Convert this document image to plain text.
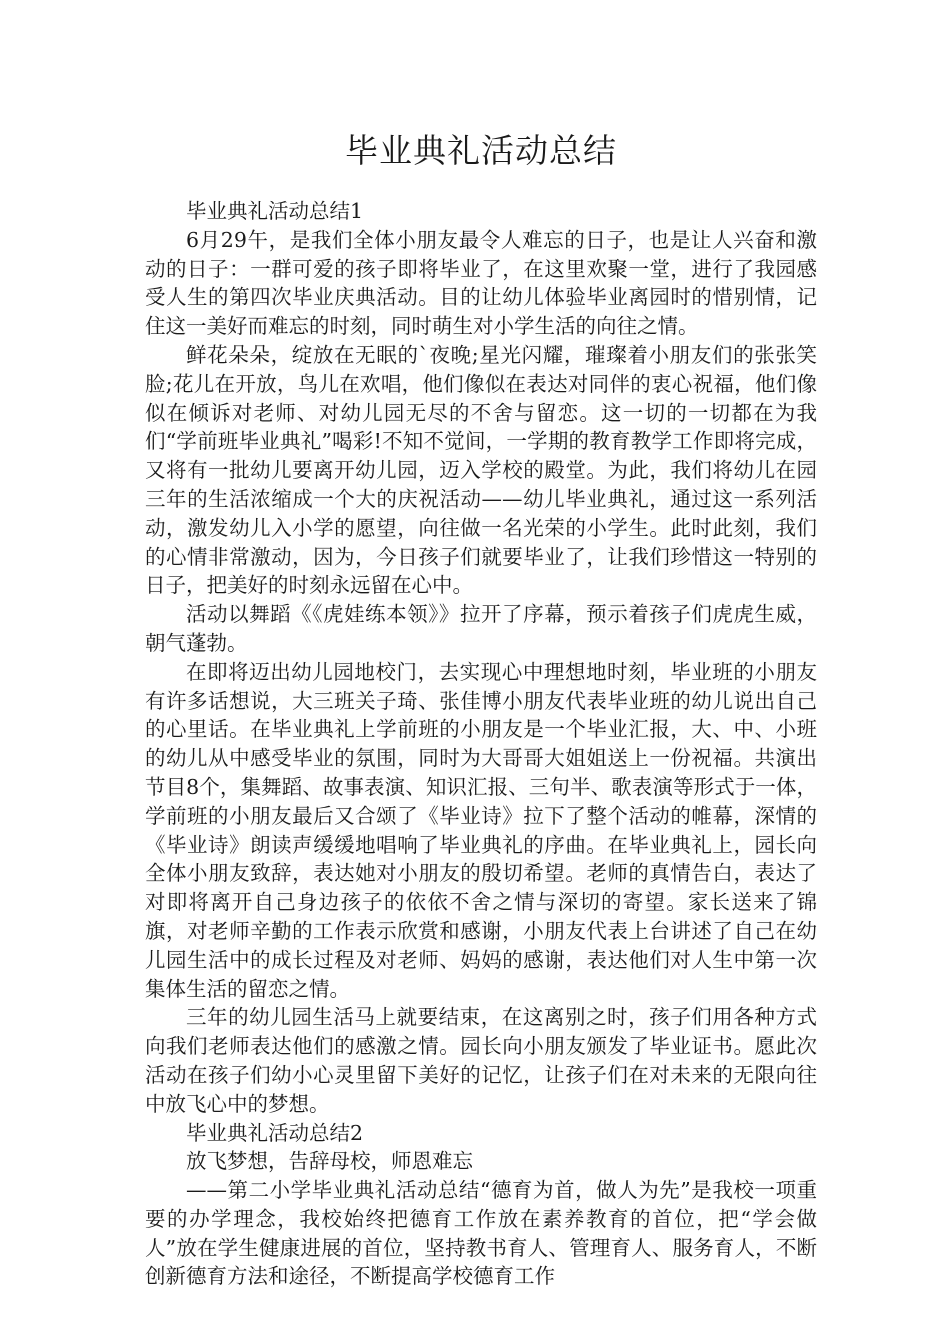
毕业典礼活动总结

毕业典礼活动总结1

6月29午，是我们全体小朋友最令人难忘的日子，也是让人兴奋和激动的日子：一群可爱的孩子即将毕业了，在这里欢聚一堂，进行了我园感受人生的第四次毕业庆典活动。目的让幼儿体验毕业离园时的惜别情，记住这一美好而难忘的时刻，同时萌生对小学生活的向往之情。

鲜花朵朵，绽放在无眠的`夜晚;星光闪耀，璀璨着小朋友们的张张笑脸;花儿在开放，鸟儿在欢唱，他们像似在表达对同伴的衷心祝福，他们像似在倾诉对老师、对幼儿园无尽的不舍与留恋。这一切的一切都在为我们“学前班毕业典礼”喝彩!不知不觉间，一学期的教育教学工作即将完成，又将有一批幼儿要离开幼儿园，迈入学校的殿堂。为此，我们将幼儿在园三年的生活浓缩成一个大的庆祝活动——幼儿毕业典礼，通过这一系列活动，激发幼儿入小学的愿望，向往做一名光荣的小学生。此时此刻，我们的心情非常激动，因为，今日孩子们就要毕业了，让我们珍惜这一特别的日子，把美好的时刻永远留在心中。

活动以舞蹈《《虎娃练本领》》拉开了序幕，预示着孩子们虎虎生威，朝气蓬勃。

在即将迈出幼儿园地校门，去实现心中理想地时刻，毕业班的小朋友有许多话想说，大三班关子琦、张佳博小朋友代表毕业班的幼儿说出自己的心里话。在毕业典礼上学前班的小朋友是一个毕业汇报，大、中、小班的幼儿从中感受毕业的氛围，同时为大哥哥大姐姐送上一份祝福。共演出节目8个，集舞蹈、故事表演、知识汇报、三句半、歌表演等形式于一体，学前班的小朋友最后又合颂了《毕业诗》拉下了整个活动的帷幕，深情的《毕业诗》朗读声缓缓地唱响了毕业典礼的序曲。在毕业典礼上，园长向全体小朋友致辞，表达她对小朋友的殷切希望。老师的真情告白，表达了对即将离开自己身边孩子的依依不舍之情与深切的寄望。家长送来了锦旗，对老师辛勤的工作表示欣赏和感谢，小朋友代表上台讲述了自己在幼儿园生活中的成长过程及对老师、妈妈的感谢，表达他们对人生中第一次集体生活的留恋之情。

三年的幼儿园生活马上就要结束，在这离别之时，孩子们用各种方式向我们老师表达他们的感激之情。园长向小朋友颁发了毕业证书。愿此次活动在孩子们幼小心灵里留下美好的记忆，让孩子们在对未来的无限向往中放飞心中的梦想。

毕业典礼活动总结2

放飞梦想，告辞母校，师恩难忘

——第二小学毕业典礼活动总结“德育为首，做人为先”是我校一项重要的办学理念，我校始终把德育工作放在素养教育的首位，把“学会做人”放在学生健康进展的首位，坚持教书育人、管理育人、服务育人，不断创新德育方法和途径，不断提高学校德育工作
